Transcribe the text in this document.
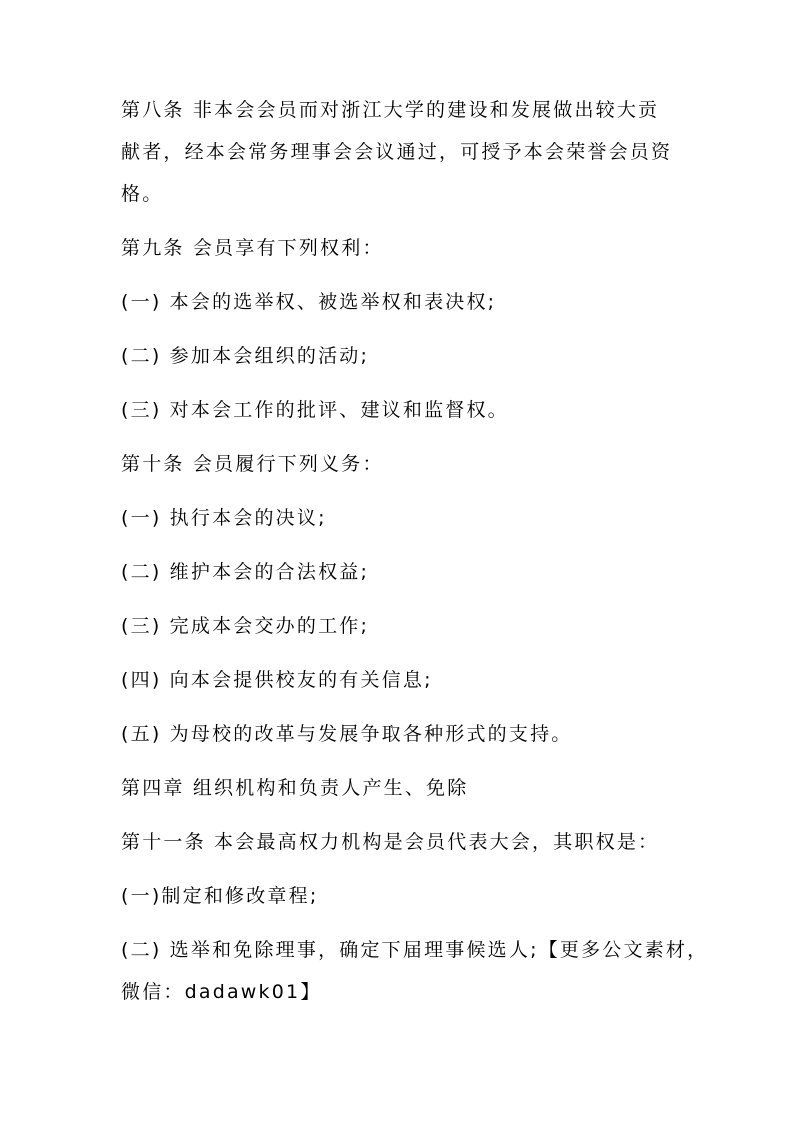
第八条 非本会会员而对浙江大学的建设和发展做出较大贡
献者，经本会常务理事会会议通过，可授予本会荣誉会员资
格。
第九条 会员享有下列权利：
(一) 本会的选举权、被选举权和表决权;
(二) 参加本会组织的活动;
(三) 对本会工作的批评、建议和监督权。
第十条 会员履行下列义务：
(一) 执行本会的决议;
(二) 维护本会的合法权益;
(三) 完成本会交办的工作;
(四) 向本会提供校友的有关信息;
(五) 为母校的改革与发展争取各种形式的支持。
第四章 组织机构和负责人产生、免除
第十一条 本会最高权力机构是会员代表大会，其职权是：
(一)制定和修改章程;
(二) 选举和免除理事，确定下届理事候选人;【更多公文素材，
微信：dadawk01】
